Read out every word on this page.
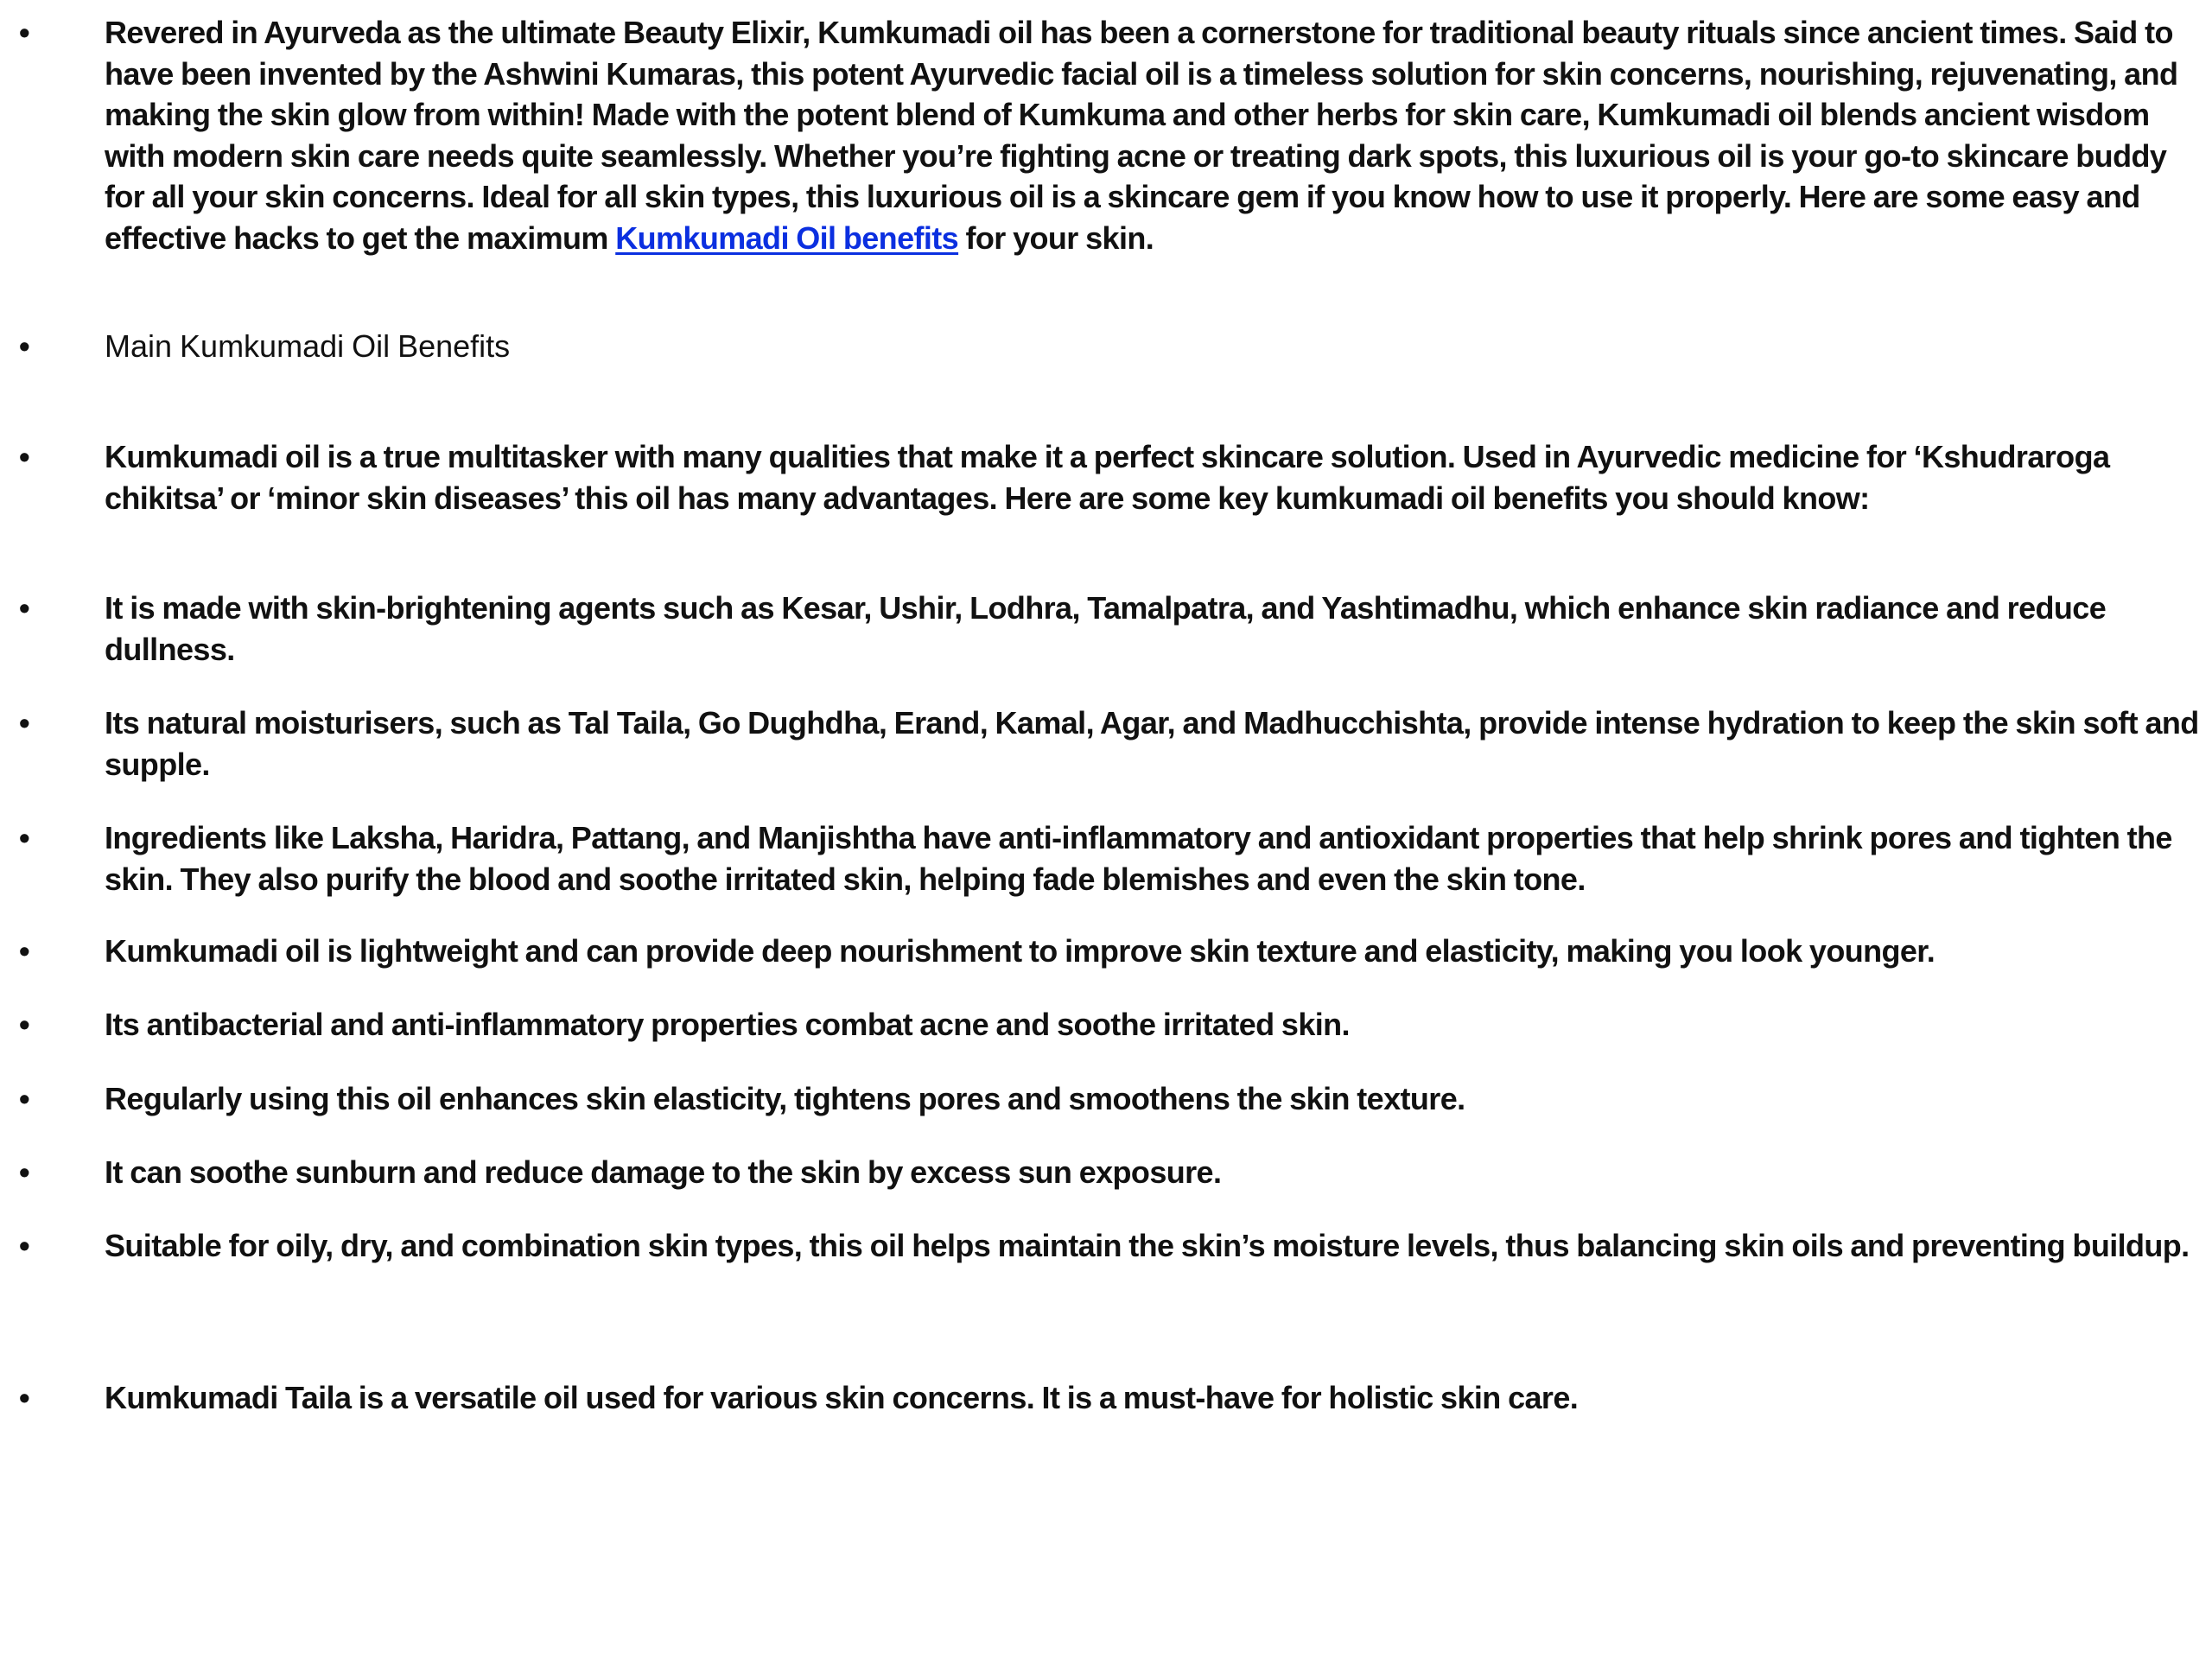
• Revered in Ayurveda as the ultimate Beauty Elixir, Kumkumadi oil has been a cornerstone for traditional beauty rituals since ancient times. Said to have been invented by the Ashwini Kumaras, this potent Ayurvedic facial oil is a timeless solution for skin concerns, nourishing, rejuvenating, and making the skin glow from within! Made with the potent blend of Kumkuma and other herbs for skin care, Kumkumadi oil blends ancient wisdom with modern skin care needs quite seamlessly. Whether you’re fighting acne or treating dark spots, this luxurious oil is your go-to skincare buddy for all your skin concerns. Ideal for all skin types, this luxurious oil is a skincare gem if you know how to use it properly. Here are some easy and effective hacks to get the maximum Kumkumadi Oil benefits for your skin.
• Main Kumkumadi Oil Benefits
• Kumkumadi oil is a true multitasker with many qualities that make it a perfect skincare solution. Used in Ayurvedic medicine for ‘Kshudraroga chikitsa’ or ‘minor skin diseases’ this oil has many advantages. Here are some key kumkumadi oil benefits you should know:
• It is made with skin-brightening agents such as Kesar, Ushir, Lodhra, Tamalpatra, and Yashtimadhu, which enhance skin radiance and reduce dullness.
• Its natural moisturisers, such as Tal Taila, Go Dughdha, Erand, Kamal, Agar, and Madhucchishta, provide intense hydration to keep the skin soft and supple.
• Ingredients like Laksha, Haridra, Pattang, and Manjishtha have anti-inflammatory and antioxidant properties that help shrink pores and tighten the skin. They also purify the blood and soothe irritated skin, helping fade blemishes and even the skin tone.
• Kumkumadi oil is lightweight and can provide deep nourishment to improve skin texture and elasticity, making you look younger.
• Its antibacterial and anti-inflammatory properties combat acne and soothe irritated skin.
• Regularly using this oil enhances skin elasticity, tightens pores and smoothens the skin texture.
• It can soothe sunburn and reduce damage to the skin by excess sun exposure.
• Suitable for oily, dry, and combination skin types, this oil helps maintain the skin’s moisture levels, thus balancing skin oils and preventing buildup.
• Kumkumadi Taila is a versatile oil used for various skin concerns. It is a must-have for holistic skin care.
